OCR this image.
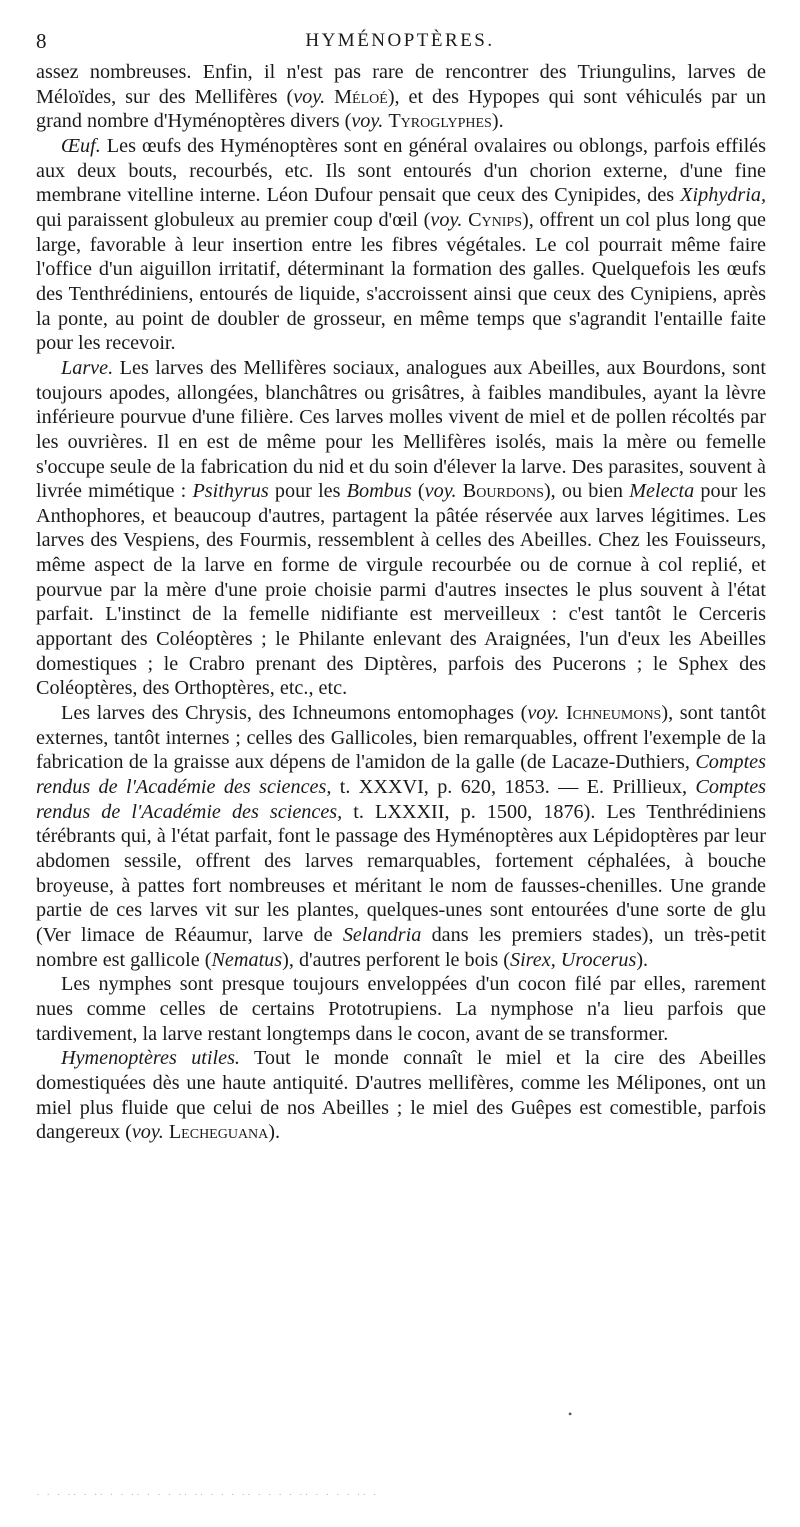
8	HYMÉNOPTÈRES.

assez nombreuses. Enfin, il n'est pas rare de rencontrer des Triungulins, larves de Méloïdes, sur des Mellifères (voy. Méloé), et des Hypopes qui sont véhiculés par un grand nombre d'Hyménoptères divers (voy. Tyroglyphes).

Œuf. Les œufs des Hyménoptères sont en général ovalaires ou oblongs, parfois effilés aux deux bouts, recourbés, etc. Ils sont entourés d'un chorion externe, d'une fine membrane vitelline interne. Léon Dufour pensait que ceux des Cynipides, des Xiphydria, qui paraissent globuleux au premier coup d'œil (voy. Cynips), offrent un col plus long que large, favorable à leur insertion entre les fibres végétales. Le col pourrait même faire l'office d'un aiguillon irritatif, déterminant la formation des galles. Quelquefois les œufs des Tenthrédiniens, entourés de liquide, s'accroissent ainsi que ceux des Cynipiens, après la ponte, au point de doubler de grosseur, en même temps que s'agrandit l'entaille faite pour les recevoir.

Larve. Les larves des Mellifères sociaux, analogues aux Abeilles, aux Bourdons, sont toujours apodes, allongées, blanchâtres ou grisâtres, à faibles mandibules, ayant la lèvre inférieure pourvue d'une filière. Ces larves molles vivent de miel et de pollen récoltés par les ouvrières. Il en est de même pour les Mellifères isolés, mais la mère ou femelle s'occupe seule de la fabrication du nid et du soin d'élever la larve. Des parasites, souvent à livrée mimétique : Psithyrus pour les Bombus (voy. Bourdons), ou bien Melecta pour les Anthophores, et beaucoup d'autres, partagent la pâtée réservée aux larves légitimes. Les larves des Vespiens, des Fourmis, ressemblent à celles des Abeilles. Chez les Fouisseurs, même aspect de la larve en forme de virgule recourbée ou de cornue à col replié, et pourvue par la mère d'une proie choisie parmi d'autres insectes le plus souvent à l'état parfait. L'instinct de la femelle nidifiante est merveilleux : c'est tantôt le Cerceris apportant des Coléoptères ; le Philante enlevant des Araignées, l'un d'eux les Abeilles domestiques ; le Crabro prenant des Diptères, parfois des Pucerons ; le Sphex des Coléoptères, des Orthoptères, etc., etc.

Les larves des Chrysis, des Ichneumons entomophages (voy. Ichneumons), sont tantôt externes, tantôt internes ; celles des Gallicoles, bien remarquables, offrent l'exemple de la fabrication de la graisse aux dépens de l'amidon de la galle (de Lacaze-Duthiers, Comptes rendus de l'Académie des sciences, t. XXXVI, p. 620, 1853. — E. Prillieux, Comptes rendus de l'Académie des sciences, t. LXXXII, p. 1500, 1876). Les Tenthrédiniens térébrants qui, à l'état parfait, font le passage des Hyménoptères aux Lépidoptères par leur abdomen sessile, offrent des larves remarquables, fortement céphalées, à bouche broyeuse, à pattes fort nombreuses et méritant le nom de fausses-chenilles. Une grande partie de ces larves vit sur les plantes, quelques-unes sont entourées d'une sorte de glu (Ver limace de Réaumur, larve de Selandria dans les premiers stades), un très-petit nombre est gallicole (Nematus), d'autres perforent le bois (Sirex, Urocerus).

Les nymphes sont presque toujours enveloppées d'un cocon filé par elles, rarement nues comme celles de certains Prototrupiens. La nymphose n'a lieu parfois que tardivement, la larve restant longtemps dans le cocon, avant de se transformer.

Hymenoptères utiles. Tout le monde connaît le miel et la cire des Abeilles domestiquées dès une haute antiquité. D'autres mellifères, comme les Mélipones, ont un miel plus fluide que celui de nos Abeilles ; le miel des Guêpes est comestible, parfois dangereux (voy. Lecheguana).

•
· · · ·· · ·· · · ·· · · · ·· ·· · · · ·· · · · · ·· · · · · ·· ·
